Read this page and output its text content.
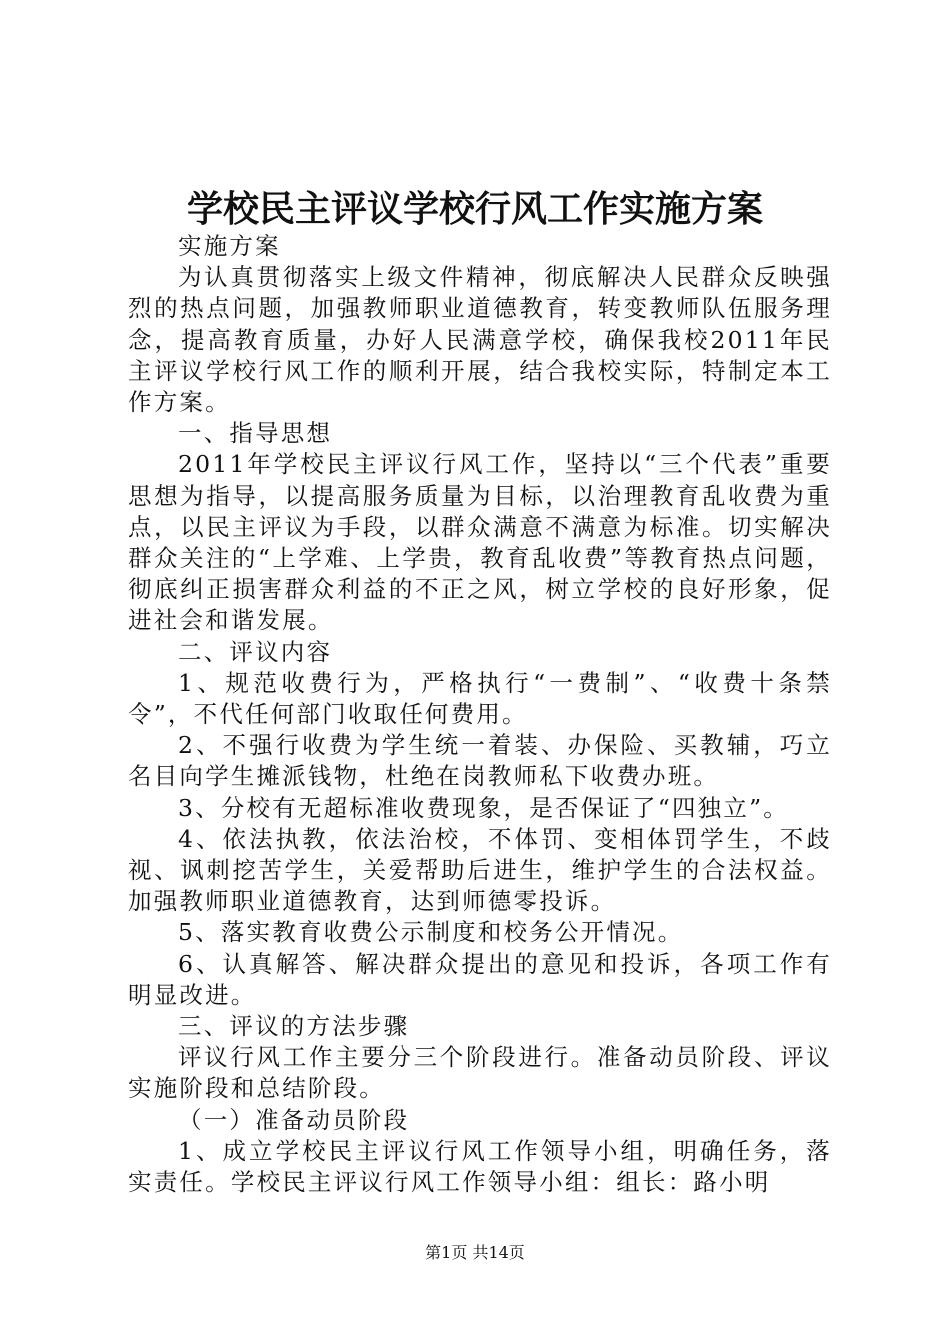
学校民主评议学校行风工作实施方案

实施方案

为认真贯彻落实上级文件精神，彻底解决人民群众反映强烈的热点问题，加强教师职业道德教育，转变教师队伍服务理念，提高教育质量，办好人民满意学校，确保我校2011年民主评议学校行风工作的顺利开展，结合我校实际，特制定本工作方案。

一、指导思想

2011年学校民主评议行风工作，坚持以“三个代表”重要思想为指导，以提高服务质量为目标，以治理教育乱收费为重点，以民主评议为手段，以群众满意不满意为标准。切实解决群众关注的“上学难、上学贵，教育乱收费”等教育热点问题，彻底纠正损害群众利益的不正之风，树立学校的良好形象，促进社会和谐发展。

二、评议内容

1、规范收费行为，严格执行“一费制”、“收费十条禁令”，不代任何部门收取任何费用。

2、不强行收费为学生统一着装、办保险、买教辅，巧立名目向学生摊派钱物，杜绝在岗教师私下收费办班。

3、分校有无超标准收费现象，是否保证了“四独立”。

4、依法执教，依法治校，不体罚、变相体罚学生，不歧视、讽刺挖苦学生，关爱帮助后进生，维护学生的合法权益。加强教师职业道德教育，达到师德零投诉。

5、落实教育收费公示制度和校务公开情况。

6、认真解答、解决群众提出的意见和投诉，各项工作有明显改进。

三、评议的方法步骤

评议行风工作主要分三个阶段进行。准备动员阶段、评议实施阶段和总结阶段。

（一）准备动员阶段

1、成立学校民主评议行风工作领导小组，明确任务，落实责任。学校民主评议行风工作领导小组：组长：路小明

第1页 共14页
